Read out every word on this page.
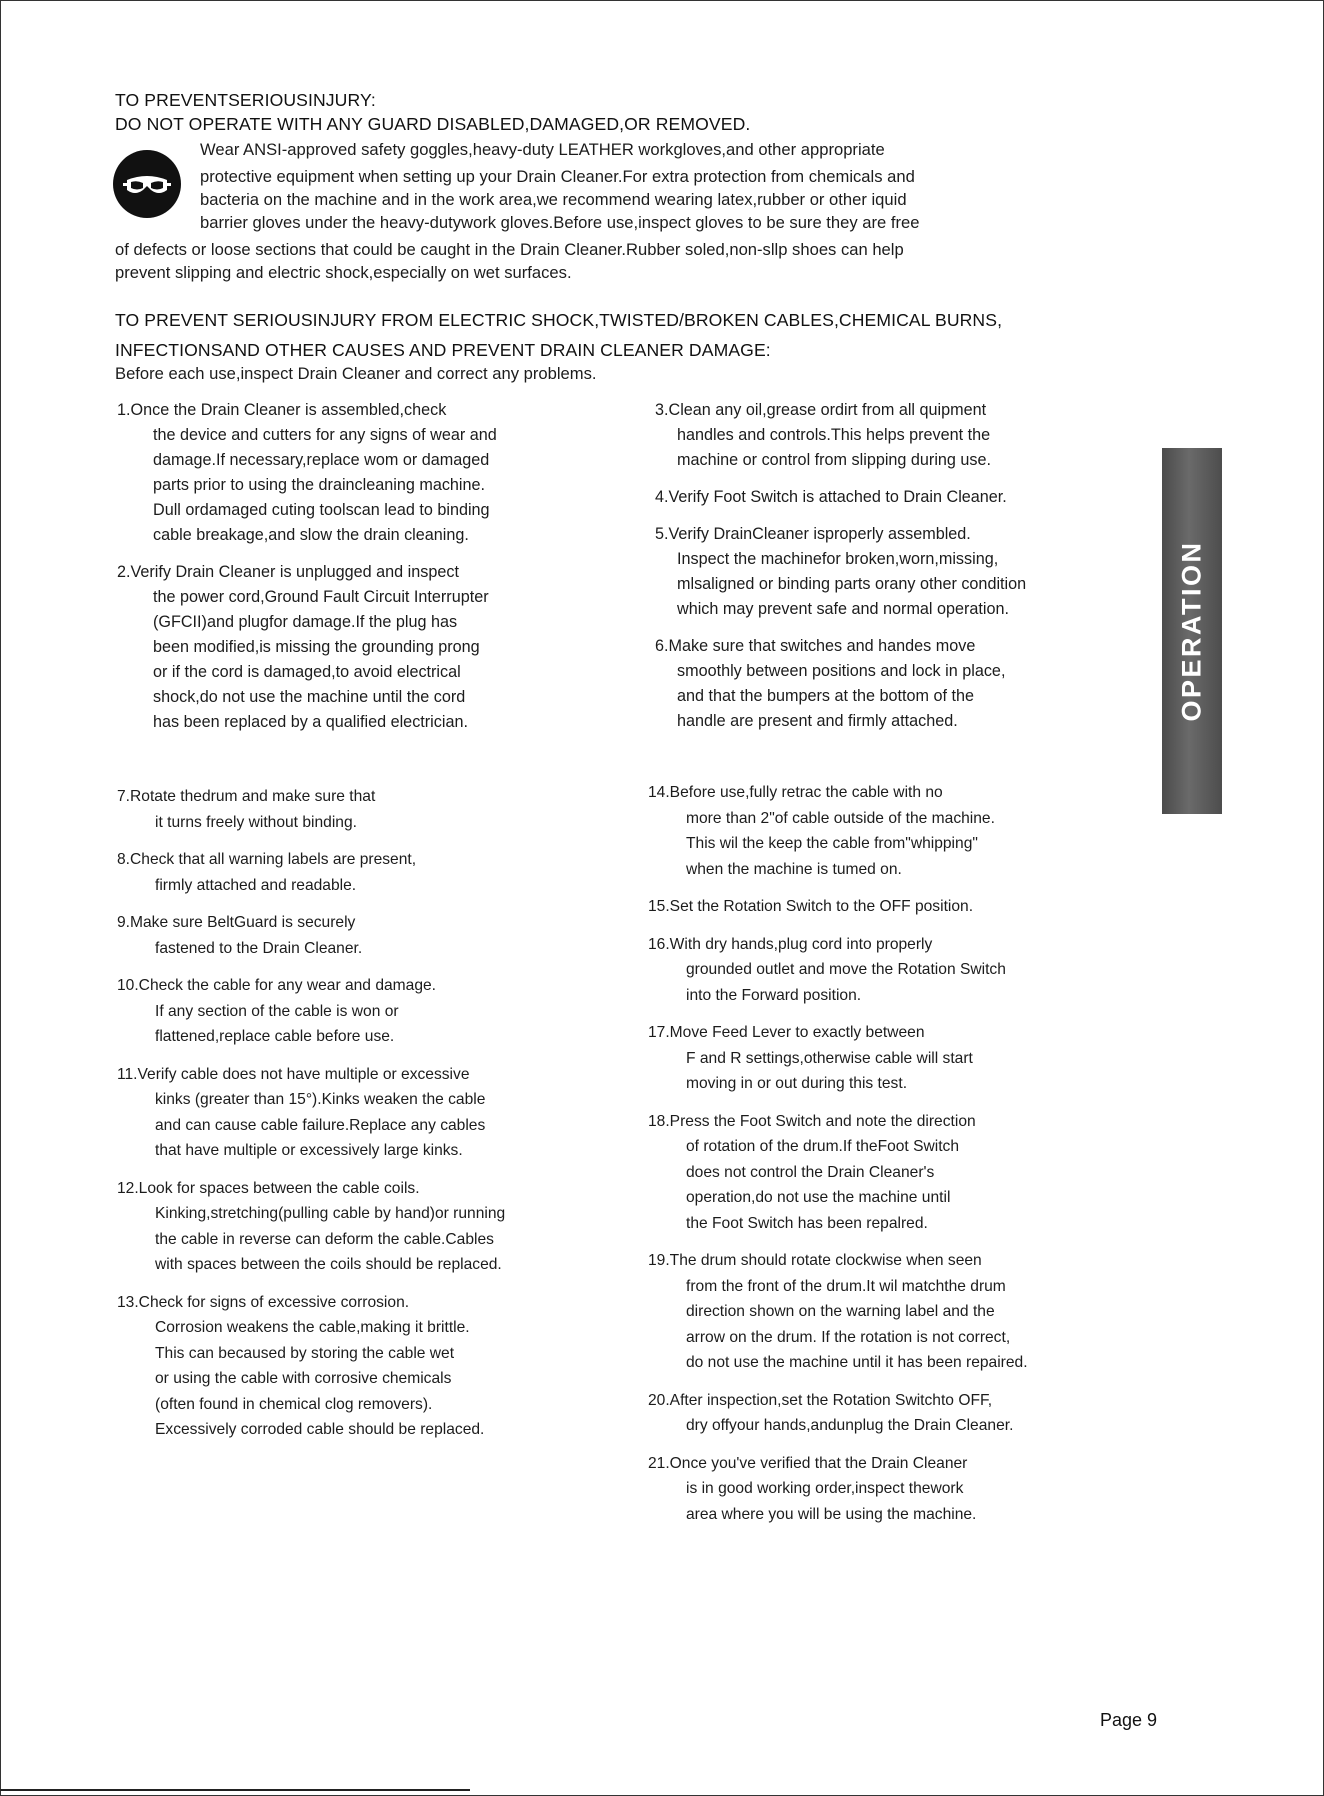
TO PREVENTSERIOUSINJURY:
DO NOT OPERATE WITH ANY GUARD DISABLED,DAMAGED,OR REMOVED.
Wear ANSI-approved safety goggles,heavy-duty LEATHER workgloves,and other appropriate
protective equipment when setting up your Drain Cleaner.For extra protection from chemicals and
bacteria on the machine and in the work area,we recommend wearing latex,rubber or other iquid
barrier gloves under the heavy-dutywork gloves.Before use,inspect gloves to be sure they are free
of defects or loose sections that could be caught in the Drain Cleaner.Rubber soled,non-sllp shoes can help
prevent slipping and electric shock,especially on wet surfaces.
TO PREVENT SERIOUSINJURY FROM ELECTRIC SHOCK,TWISTED/BROKEN CABLES,CHEMICAL BURNS,
INFECTIONSAND OTHER CAUSES AND PREVENT DRAIN CLEANER DAMAGE:
Before each use,inspect Drain Cleaner and correct any problems.
1.Once the Drain Cleaner is assembled,check
the device and cutters for any signs of wear and
damage.If necessary,replace wom or damaged
parts prior to using the draincleaning machine.
Dull ordamaged cuting toolscan lead to binding
cable breakage,and slow the drain cleaning.
2.Verify Drain Cleaner is unplugged and inspect
the power cord,Ground Fault Circuit Interrupter
(GFCII)and plugfor damage.If the plug has
been modified,is missing the grounding prong
or if the cord is damaged,to avoid electrical
shock,do not use the machine until the cord
has been replaced by a qualified electrician.
3.Clean any oil,grease ordirt from all quipment
handles and controls.This helps prevent the
machine or control from slipping during use.
4.Verify Foot Switch is attached to Drain Cleaner.
5.Verify DrainCleaner isproperly assembled.
Inspect the machinefor broken,worn,missing,
mlsaligned or binding parts orany other condition
which may prevent safe and normal operation.
6.Make sure that switches and handes move
smoothly between positions and lock in place,
and that the bumpers at the bottom of the
handle are present and firmly attached.
7.Rotate thedrum and make sure that
it turns freely without binding.
8.Check that all warning labels are present,
firmly attached and readable.
9.Make sure BeltGuard is securely
fastened to the Drain Cleaner.
10.Check the cable for any wear and damage.
If any section of the cable is won or
flattened,replace cable before use.
11.Verify cable does not have multiple or excessive
kinks (greater than 15°).Kinks weaken the cable
and can cause cable failure.Replace any cables
that have multiple or excessively large kinks.
12.Look for spaces between the cable coils.
Kinking,stretching(pulling cable by hand)or running
the cable in reverse can deform the cable.Cables
with spaces between the coils should be replaced.
13.Check for signs of excessive corrosion.
Corrosion weakens the cable,making it brittle.
This can becaused by storing the cable wet
or using the cable with corrosive chemicals
(often found in chemical clog removers).
Excessively corroded cable should be replaced.
14.Before use,fully retrac the cable with no
more than 2"of cable outside of the machine.
This wil the keep the cable from"whipping"
when the machine is tumed on.
15.Set the Rotation Switch to the OFF position.
16.With dry hands,plug cord into properly
grounded outlet and move the Rotation Switch
into the Forward position.
17.Move Feed Lever to exactly between
F and R settings,otherwise cable will start
moving in or out during this test.
18.Press the Foot Switch and note the direction
of rotation of the drum.If theFoot Switch
does not control the Drain Cleaner's
operation,do not use the machine until
the Foot Switch has been repalred.
19.The drum should rotate clockwise when seen
from the front of the drum.It wil matchthe drum
direction shown on the warning label and the
arrow on the drum. If the rotation is not correct,
do not use the machine until it has been repaired.
20.After inspection,set the Rotation Switchto OFF,
dry offyour hands,andunplug the Drain Cleaner.
21.Once you've verified that the Drain Cleaner
is in good working order,inspect thework
area where you will be using the machine.
OPERATION
Page 9
